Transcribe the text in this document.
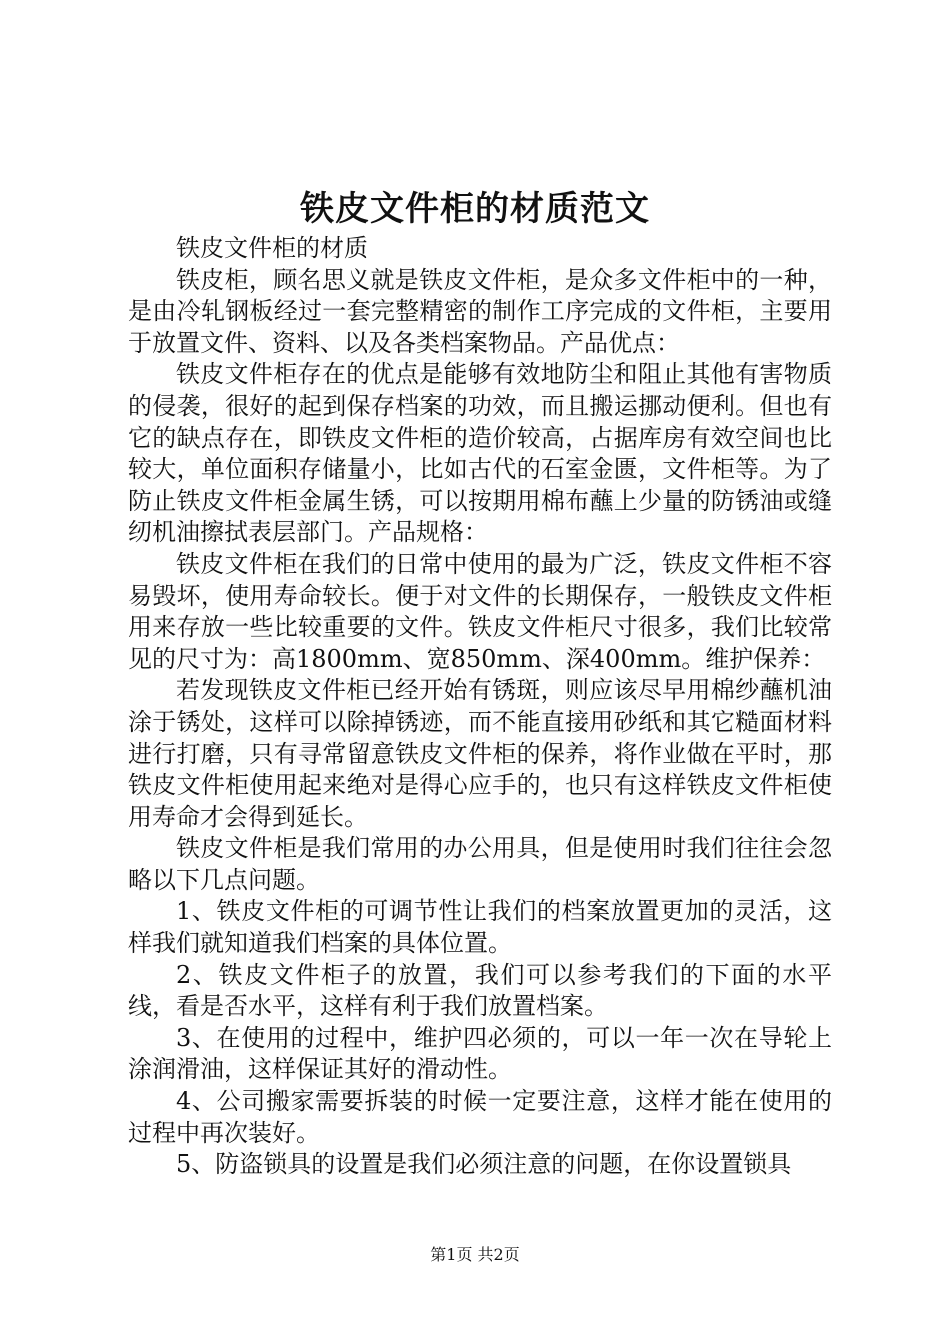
铁皮文件柜的材质范文

铁皮文件柜的材质

铁皮柜，顾名思义就是铁皮文件柜，是众多文件柜中的一种，是由冷轧钢板经过一套完整精密的制作工序完成的文件柜，主要用于放置文件、资料、以及各类档案物品。产品优点：

铁皮文件柜存在的优点是能够有效地防尘和阻止其他有害物质的侵袭，很好的起到保存档案的功效，而且搬运挪动便利。但也有它的缺点存在，即铁皮文件柜的造价较高，占据库房有效空间也比较大，单位面积存储量小，比如古代的石室金匮，文件柜等。为了防止铁皮文件柜金属生锈，可以按期用棉布蘸上少量的防锈油或缝纫机油擦拭表层部门。产品规格：

铁皮文件柜在我们的日常中使用的最为广泛，铁皮文件柜不容易毁坏，使用寿命较长。便于对文件的长期保存，一般铁皮文件柜用来存放一些比较重要的文件。铁皮文件柜尺寸很多，我们比较常见的尺寸为：高1800mm、宽850mm、深400mm。维护保养：

若发现铁皮文件柜已经开始有锈斑，则应该尽早用棉纱蘸机油涂于锈处，这样可以除掉锈迹，而不能直接用砂纸和其它糙面材料进行打磨，只有寻常留意铁皮文件柜的保养，将作业做在平时，那铁皮文件柜使用起来绝对是得心应手的，也只有这样铁皮文件柜使用寿命才会得到延长。

铁皮文件柜是我们常用的办公用具，但是使用时我们往往会忽略以下几点问题。

1、铁皮文件柜的可调节性让我们的档案放置更加的灵活，这样我们就知道我们档案的具体位置。

2、铁皮文件柜子的放置，我们可以参考我们的下面的水平线，看是否水平，这样有利于我们放置档案。

3、在使用的过程中，维护四必须的，可以一年一次在导轮上涂润滑油，这样保证其好的滑动性。

4、公司搬家需要拆装的时候一定要注意，这样才能在使用的过程中再次装好。

5、防盗锁具的设置是我们必须注意的问题，在你设置锁具

第1页 共2页
